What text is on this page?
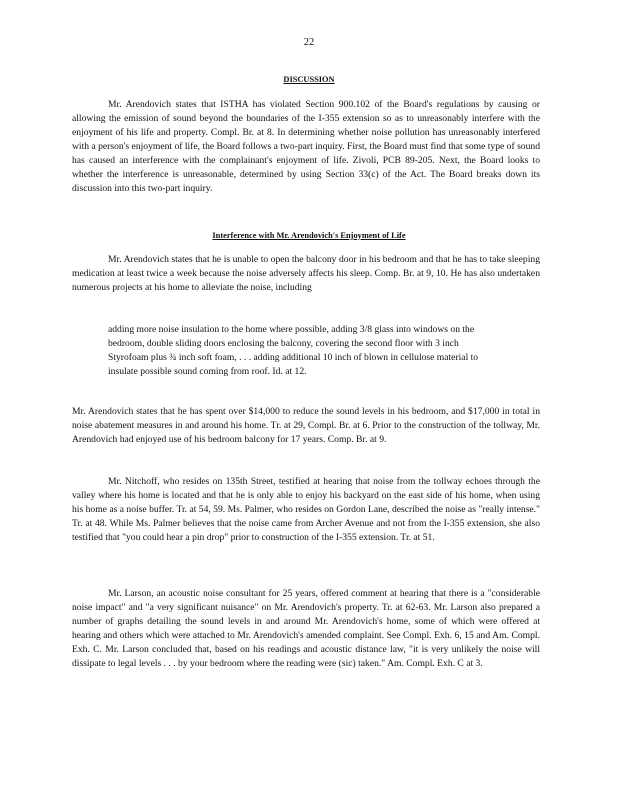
22
DISCUSSION

Mr. Arendovich states that ISTHA has violated Section 900.102 of the Board's regulations by causing or allowing the emission of sound beyond the boundaries of the I-355 extension so as to unreasonably interfere with the enjoyment of his life and property. Compl. Br. at 8. In determining whether noise pollution has unreasonably interfered with a person's enjoyment of life, the Board follows a two-part inquiry. First, the Board must find that some type of sound has caused an interference with the complainant's enjoyment of life. Zivoli, PCB 89-205. Next, the Board looks to whether the interference is unreasonable, determined by using Section 33(c) of the Act. The Board breaks down its discussion into this two-part inquiry.

Interference with Mr. Arendovich's Enjoyment of Life

Mr. Arendovich states that he is unable to open the balcony door in his bedroom and that he has to take sleeping medication at least twice a week because the noise adversely affects his sleep. Comp. Br. at 9, 10. He has also undertaken numerous projects at his home to alleviate the noise, including

adding more noise insulation to the home where possible, adding 3/8 glass into windows on the bedroom, double sliding doors enclosing the balcony, covering the second floor with 3 inch Styrofoam plus ¾ inch soft foam, . . . adding additional 10 inch of blown in cellulose material to insulate possible sound coming from roof. Id. at 12.

Mr. Arendovich states that he has spent over $14,000 to reduce the sound levels in his bedroom, and $17,000 in total in noise abatement measures in and around his home. Tr. at 29, Compl. Br. at 6. Prior to the construction of the tollway, Mr. Arendovich had enjoyed use of his bedroom balcony for 17 years. Comp. Br. at 9.

Mr. Nitchoff, who resides on 135th Street, testified at hearing that noise from the tollway echoes through the valley where his home is located and that he is only able to enjoy his backyard on the east side of his home, when using his home as a noise buffer. Tr. at 54, 59. Ms. Palmer, who resides on Gordon Lane, described the noise as "really intense." Tr. at 48. While Ms. Palmer believes that the noise came from Archer Avenue and not from the I-355 extension, she also testified that "you could hear a pin drop" prior to construction of the I-355 extension. Tr. at 51.

Mr. Larson, an acoustic noise consultant for 25 years, offered comment at hearing that there is a "considerable noise impact" and "a very significant nuisance" on Mr. Arendovich's property. Tr. at 62-63. Mr. Larson also prepared a number of graphs detailing the sound levels in and around Mr. Arendovich's home, some of which were offered at hearing and others which were attached to Mr. Arendovich's amended complaint. See Compl. Exh. 6, 15 and Am. Compl. Exh. C. Mr. Larson concluded that, based on his readings and acoustic distance law, "it is very unlikely the noise will dissipate to legal levels . . . by your bedroom where the reading were (sic) taken." Am. Compl. Exh. C at 3.
